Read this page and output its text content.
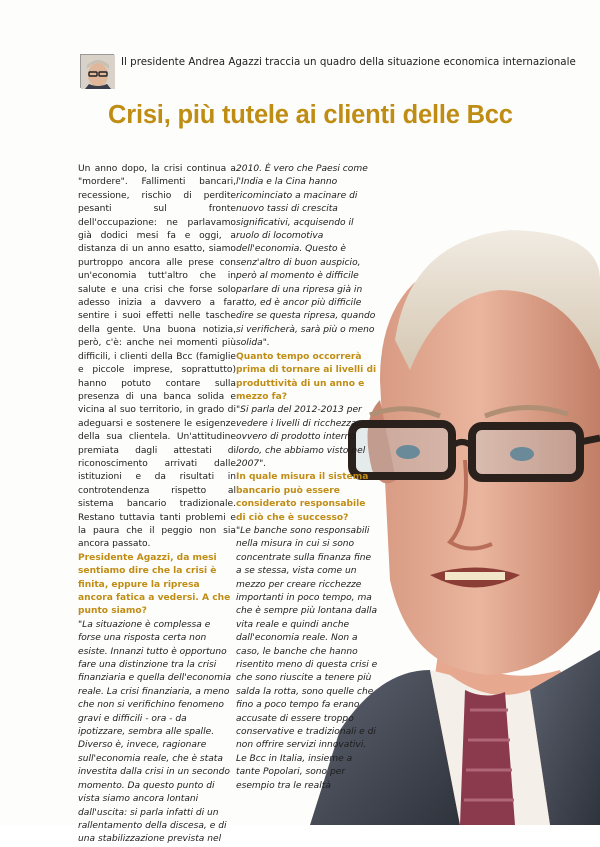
Il presidente Andrea Agazzi traccia un quadro della situazione economica internazionale
Crisi, più tutele ai clienti delle Bcc

Un anno dopo, la crisi continua a "mordere". Fallimenti bancari, recessione, rischio di perdite pesanti sul fronte dell'occupazione: ne parlavamo già dodici mesi fa e oggi, a distanza di un anno esatto, siamo purtroppo ancora alle prese con un'economia tutt'altro che in salute e una crisi che forse solo adesso inizia a davvero a far sentire i suoi effetti nelle tasche della gente. Una buona notizia, però, c'è: anche nei momenti più difficili, i clienti della Bcc (famiglie e piccole imprese, soprattutto) hanno potuto contare sulla presenza di una banca solida e vicina al suo territorio, in grado di adeguarsi e sostenere le esigenze della sua clientela. Un'attitudine premiata dagli attestati di riconoscimento arrivati dalle istituzioni e da risultati in controtendenza rispetto al sistema bancario tradizionale. Restano tuttavia tanti problemi e la paura che il peggio non sia ancora passato.

Presidente Agazzi, da mesi sentiamo dire che la crisi è finita, eppure la ripresa ancora fatica a vedersi. A che punto siamo?

"La situazione è complessa e forse una risposta certa non esiste. Innanzi tutto è opportuno fare una distinzione tra la crisi finanziaria e quella dell'economia reale. La crisi finanziaria, a meno che non si verifichino fenomeno gravi e difficili - ora - da ipotizzare, sembra alle spalle. Diverso è, invece, ragionare sull'economia reale, che è stata investita dalla crisi in un secondo momento. Da questo punto di vista siamo ancora lontani dall'uscita: si parla infatti di un rallentamento della discesa, e di una stabilizzazione prevista nel

2010. È vero che Paesi come l'India e la Cina hanno ricominciato a macinare di nuovo tassi di crescita significativi, acquisendo il ruolo di locomotiva dell'economia. Questo è senz'altro di buon auspicio, però al momento è difficile parlare di una ripresa già in atto, ed è ancor più difficile dire se questa ripresa, quando si verificherà, sarà più o meno solida".

Quanto tempo occorrerà prima di tornare ai livelli di produttività di un anno e mezzo fa?

"Si parla del 2012-2013 per vedere i livelli di ricchezza, ovvero di prodotto interno lordo, che abbiamo visto nel 2007".

In quale misura il sistema bancario può essere considerato responsabile di ciò che è successo?

"Le banche sono responsabili nella misura in cui si sono concentrate sulla finanza fine a se stessa, vista come un mezzo per creare ricchezze importanti in poco tempo, ma che è sempre più lontana dalla vita reale e quindi anche dall'economia reale. Non a caso, le banche che hanno risentito meno di questa crisi e che sono riuscite a tenere più salda la rotta, sono quelle che fino a poco tempo fa erano accusate di essere troppo conservative e tradizionali e di non offrire servizi innovativi. Le Bcc in Italia, insieme a tante Popolari, sono per esempio tra le realtà
